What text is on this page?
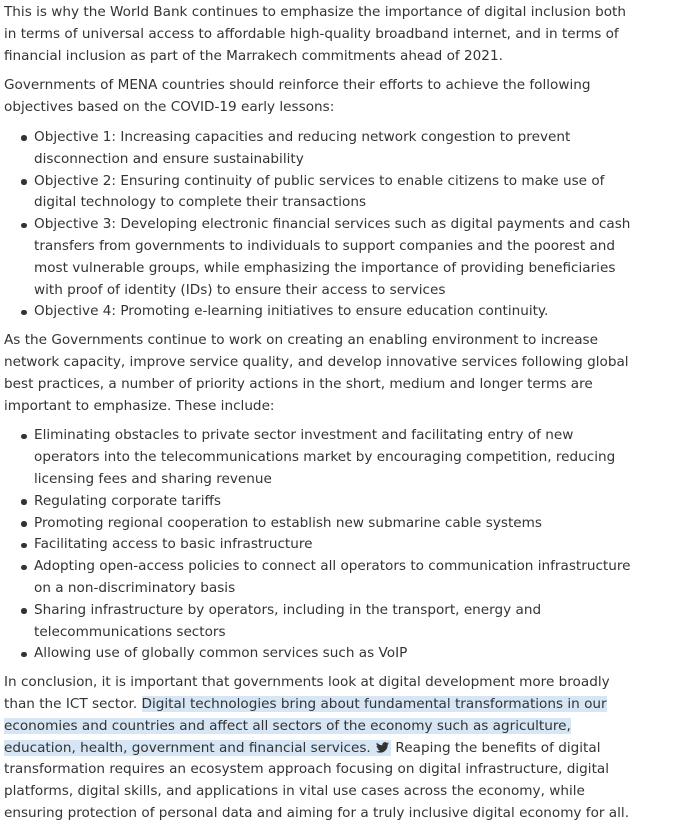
This is why the World Bank continues to emphasize the importance of digital inclusion both in terms of universal access to affordable high-quality broadband internet, and in terms of financial inclusion as part of the Marrakech commitments ahead of 2021.

Governments of MENA countries should reinforce their efforts to achieve the following objectives based on the COVID-19 early lessons:

Objective 1: Increasing capacities and reducing network congestion to prevent disconnection and ensure sustainability
Objective 2: Ensuring continuity of public services to enable citizens to make use of digital technology to complete their transactions
Objective 3: Developing electronic financial services such as digital payments and cash transfers from governments to individuals to support companies and the poorest and most vulnerable groups, while emphasizing the importance of providing beneficiaries with proof of identity (IDs) to ensure their access to services
Objective 4: Promoting e-learning initiatives to ensure education continuity.

As the Governments continue to work on creating an enabling environment to increase network capacity, improve service quality, and develop innovative services following global best practices, a number of priority actions in the short, medium and longer terms are important to emphasize. These include:

Eliminating obstacles to private sector investment and facilitating entry of new operators into the telecommunications market by encouraging competition, reducing licensing fees and sharing revenue
Regulating corporate tariffs
Promoting regional cooperation to establish new submarine cable systems
Facilitating access to basic infrastructure
Adopting open-access policies to connect all operators to communication infrastructure on a non-discriminatory basis
Sharing infrastructure by operators, including in the transport, energy and telecommunications sectors
Allowing use of globally common services such as VoIP

In conclusion, it is important that governments look at digital development more broadly than the ICT sector. Digital technologies bring about fundamental transformations in our economies and countries and affect all sectors of the economy such as agriculture, education, health, government and financial services.  Reaping the benefits of digital transformation requires an ecosystem approach focusing on digital infrastructure, digital platforms, digital skills, and applications in vital use cases across the economy, while ensuring protection of personal data and aiming for a truly inclusive digital economy for all.
